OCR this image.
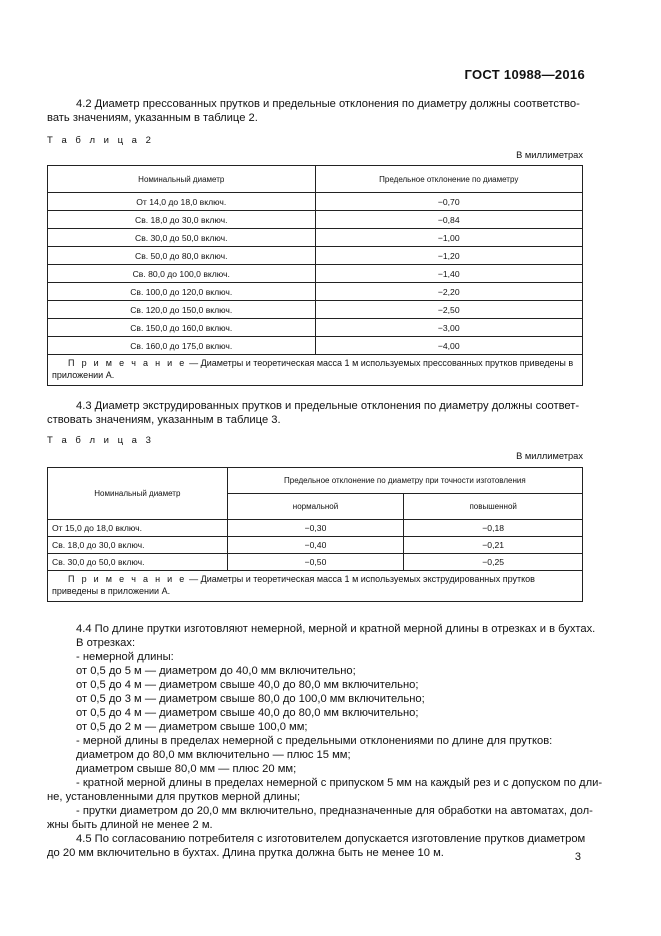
ГОСТ 10988—2016
4.2 Диаметр прессованных прутков и предельные отклонения по диаметру должны соответство-
вать значениям, указанным в таблице 2.
Т а б л и ц а 2
В миллиметрах
Номинальный диаметр	Предельное отклонение по диаметру
От 14,0 до 18,0 включ.	−0,70
Св. 18,0 до 30,0 включ.	−0,84
Св. 30,0 до 50,0 включ.	−1,00
Св. 50,0 до 80,0 включ.	−1,20
Св. 80,0 до 100,0 включ.	−1,40
Св. 100,0 до 120,0 включ.	−2,20
Св. 120,0 до 150,0 включ.	−2,50
Св. 150,0 до 160,0 включ.	−3,00
Св. 160,0 до 175,0 включ.	−4,00
П р и м е ч а н и е — Диаметры и теоретическая масса 1 м используемых прессованных прутков приведены в приложении А.	
4.3 Диаметр экструдированных прутков и предельные отклонения по диаметру должны соответ-
ствовать значениям, указанным в таблице 3.
Т а б л и ц а 3
В миллиметрах
Номинальный диаметр	Предельное отклонение по диаметру при точности изготовления	
	нормальной	повышенной
От 15,0 до 18,0 включ.	−0,30	−0,18
Св. 18,0 до 30,0 включ.	−0,40	−0,21
Св. 30,0 до 50,0 включ.	−0,50	−0,25
П р и м е ч а н и е — Диаметры и теоретическая масса 1 м используемых экструдированных прутков приведены в приложении А.		
4.4 По длине прутки изготовляют немерной, мерной и кратной мерной длины в отрезках и в бухтах.
В отрезках:
- немерной длины:
от 0,5 до 5 м — диаметром до 40,0 мм включительно;
от 0,5 до 4 м — диаметром свыше 40,0 до 80,0 мм включительно;
от 0,5 до 3 м — диаметром свыше 80,0 до 100,0 мм включительно;
от 0,5 до 4 м — диаметром свыше 40,0 до 80,0 мм включительно;
от 0,5 до 2 м — диаметром свыше 100,0 мм;
- мерной длины в пределах немерной с предельными отклонениями по длине для прутков:
диаметром до 80,0 мм включительно — плюс 15 мм;
диаметром свыше 80,0 мм — плюс 20 мм;
- кратной мерной длины в пределах немерной с припуском 5 мм на каждый рез и с допуском по дли-
не, установленными для прутков мерной длины;
- прутки диаметром до 20,0 мм включительно, предназначенные для обработки на автоматах, дол-
жны быть длиной не менее 2 м.
4.5 По согласованию потребителя с изготовителем допускается изготовление прутков диаметром
до 20 мм включительно в бухтах. Длина прутка должна быть не менее 10 м.	3
